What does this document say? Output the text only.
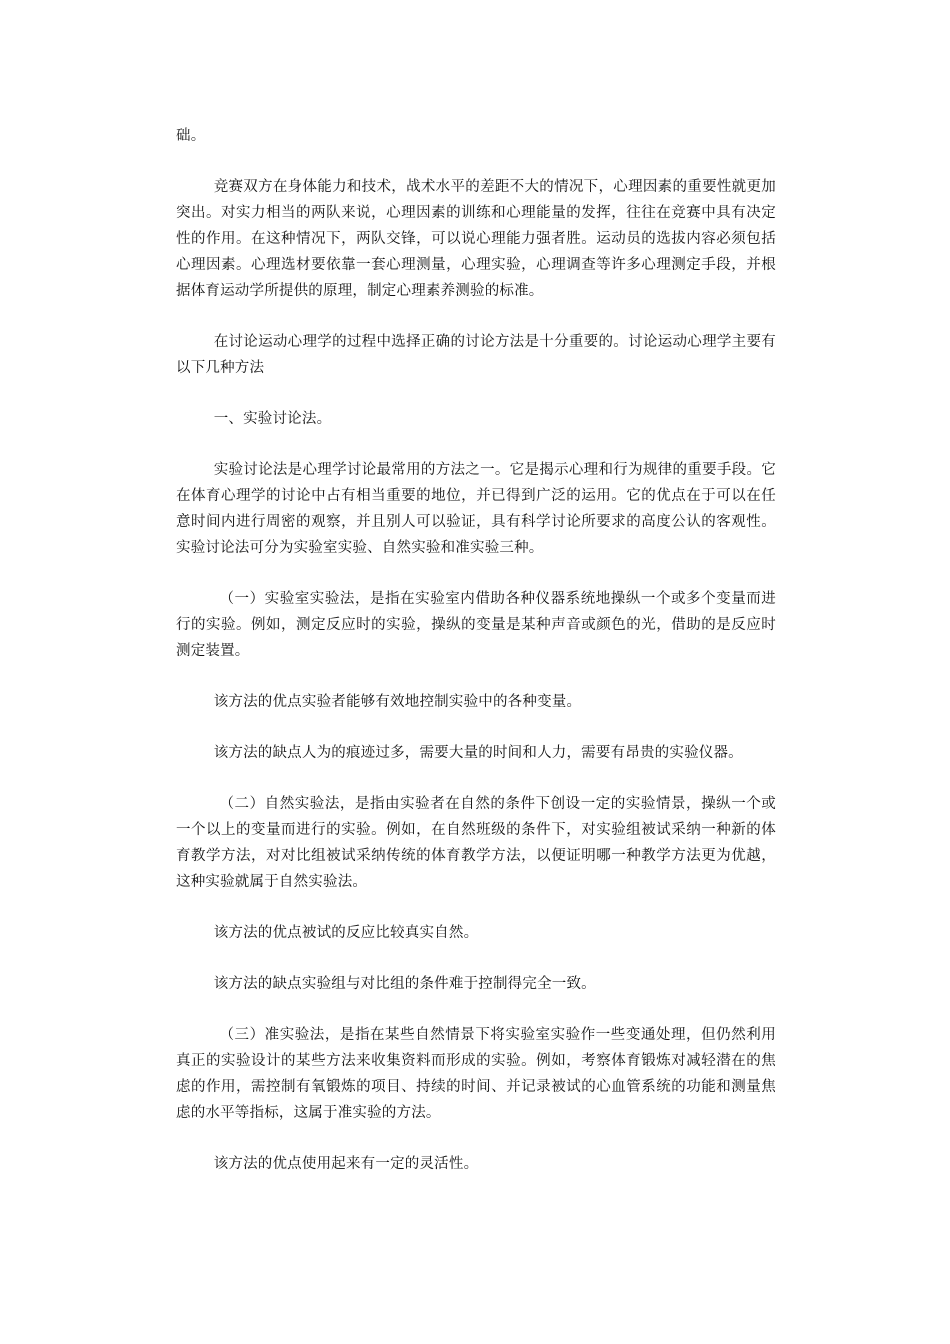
础。

竞赛双方在身体能力和技术，战术水平的差距不大的情况下，心理因素的重要性就更加突出。对实力相当的两队来说，心理因素的训练和心理能量的发挥，往往在竞赛中具有决定性的作用。在这种情况下，两队交锋，可以说心理能力强者胜。运动员的选拔内容必须包括心理因素。心理选材要依靠一套心理测量，心理实验，心理调查等许多心理测定手段，并根据体育运动学所提供的原理，制定心理素养测验的标准。

在讨论运动心理学的过程中选择正确的讨论方法是十分重要的。讨论运动心理学主要有以下几种方法

一、实验讨论法。

实验讨论法是心理学讨论最常用的方法之一。它是揭示心理和行为规律的重要手段。它在体育心理学的讨论中占有相当重要的地位，并已得到广泛的运用。它的优点在于可以在任意时间内进行周密的观察，并且别人可以验证，具有科学讨论所要求的高度公认的客观性。实验讨论法可分为实验室实验、自然实验和准实验三种。

（一）实验室实验法，是指在实验室内借助各种仪器系统地操纵一个或多个变量而进行的实验。例如，测定反应时的实验，操纵的变量是某种声音或颜色的光，借助的是反应时测定装置。

该方法的优点实验者能够有效地控制实验中的各种变量。

该方法的缺点人为的痕迹过多，需要大量的时间和人力，需要有昂贵的实验仪器。

（二）自然实验法，是指由实验者在自然的条件下创设一定的实验情景，操纵一个或一个以上的变量而进行的实验。例如，在自然班级的条件下，对实验组被试采纳一种新的体育教学方法，对对比组被试采纳传统的体育教学方法，以便证明哪一种教学方法更为优越，这种实验就属于自然实验法。

该方法的优点被试的反应比较真实自然。

该方法的缺点实验组与对比组的条件难于控制得完全一致。

（三）准实验法，是指在某些自然情景下将实验室实验作一些变通处理，但仍然利用真正的实验设计的某些方法来收集资料而形成的实验。例如，考察体育锻炼对减轻潜在的焦虑的作用，需控制有氧锻炼的项目、持续的时间、并记录被试的心血管系统的功能和测量焦虑的水平等指标，这属于准实验的方法。

该方法的优点使用起来有一定的灵活性。
